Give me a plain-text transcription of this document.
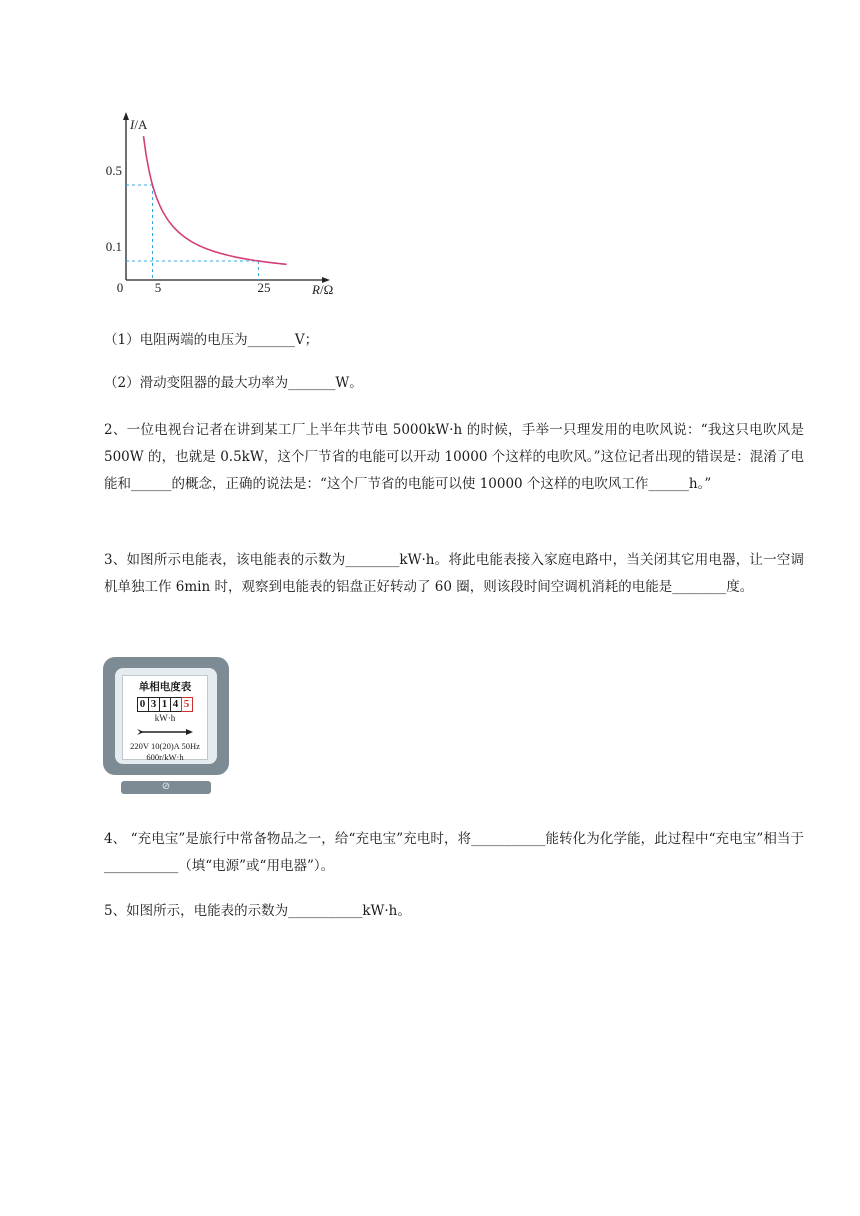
I/A
R/Ω
0
0.5
0.1
5	25

（1）电阻两端的电压为_______V；

（2）滑动变阻器的最大功率为_______W。

2、一位电视台记者在讲到某工厂上半年共节电 5000kW·h 的时候，手举一只理发用的电吹风说：“我这只电吹风是 500W 的，也就是 0.5kW，这个厂节省的电能可以开动 10000 个这样的电吹风。”这位记者出现的错误是：混淆了电能和______的概念，正确的说法是：“这个厂节省的电能可以使 10000 个这样的电吹风工作______h。”

3、如图所示电能表，该电能表的示数为________kW·h。将此电能表接入家庭电路中，当关闭其它用电器，让一空调机单独工作 6min 时，观察到电能表的铝盘正好转动了 60 圈，则该段时间空调机消耗的电能是________度。

单相电度表
0 3 1 4 5
kW·h
220V 10(20)A 50Hz
600r/kW·h
⊘

4、 “充电宝”是旅行中常备物品之一，给“充电宝”充电时，将___________能转化为化学能，此过程中“充电宝”相当于___________（填“电源”或“用电器”）。

5、如图所示，电能表的示数为___________kW·h。
